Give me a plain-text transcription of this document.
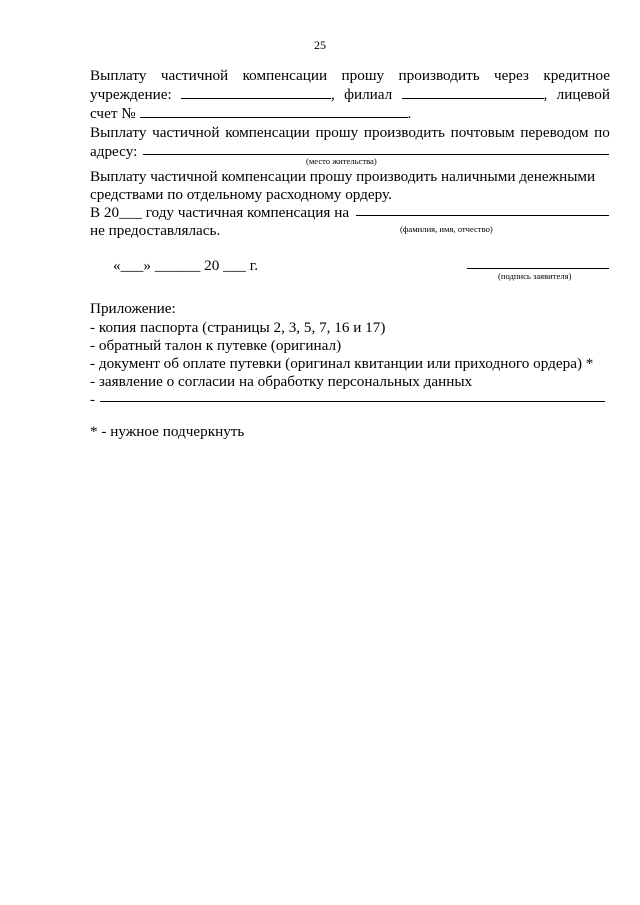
25
Выплату частичной компенсации прошу производить через кредитное
учреждение:	, филиал	, лицевой
счет №	.
Выплату частичной компенсации прошу производить почтовым переводом по
адресу:
(место жительства)
Выплату частичной компенсации прошу производить наличными денежными
средствами по отдельному расходному ордеру.
В 20___ году частичная компенсация на
не предоставлялась.	(фамилия, имя, отчество)
«___» ______ 20 ___ г.
(подпись заявителя)
Приложение:
- копия паспорта (страницы 2, 3, 5, 7, 16 и 17)
- обратный талон к путевке (оригинал)
- документ об оплате путевки (оригинал квитанции или приходного ордера) *
- заявление о согласии на обработку персональных данных
-
* - нужное подчеркнуть
